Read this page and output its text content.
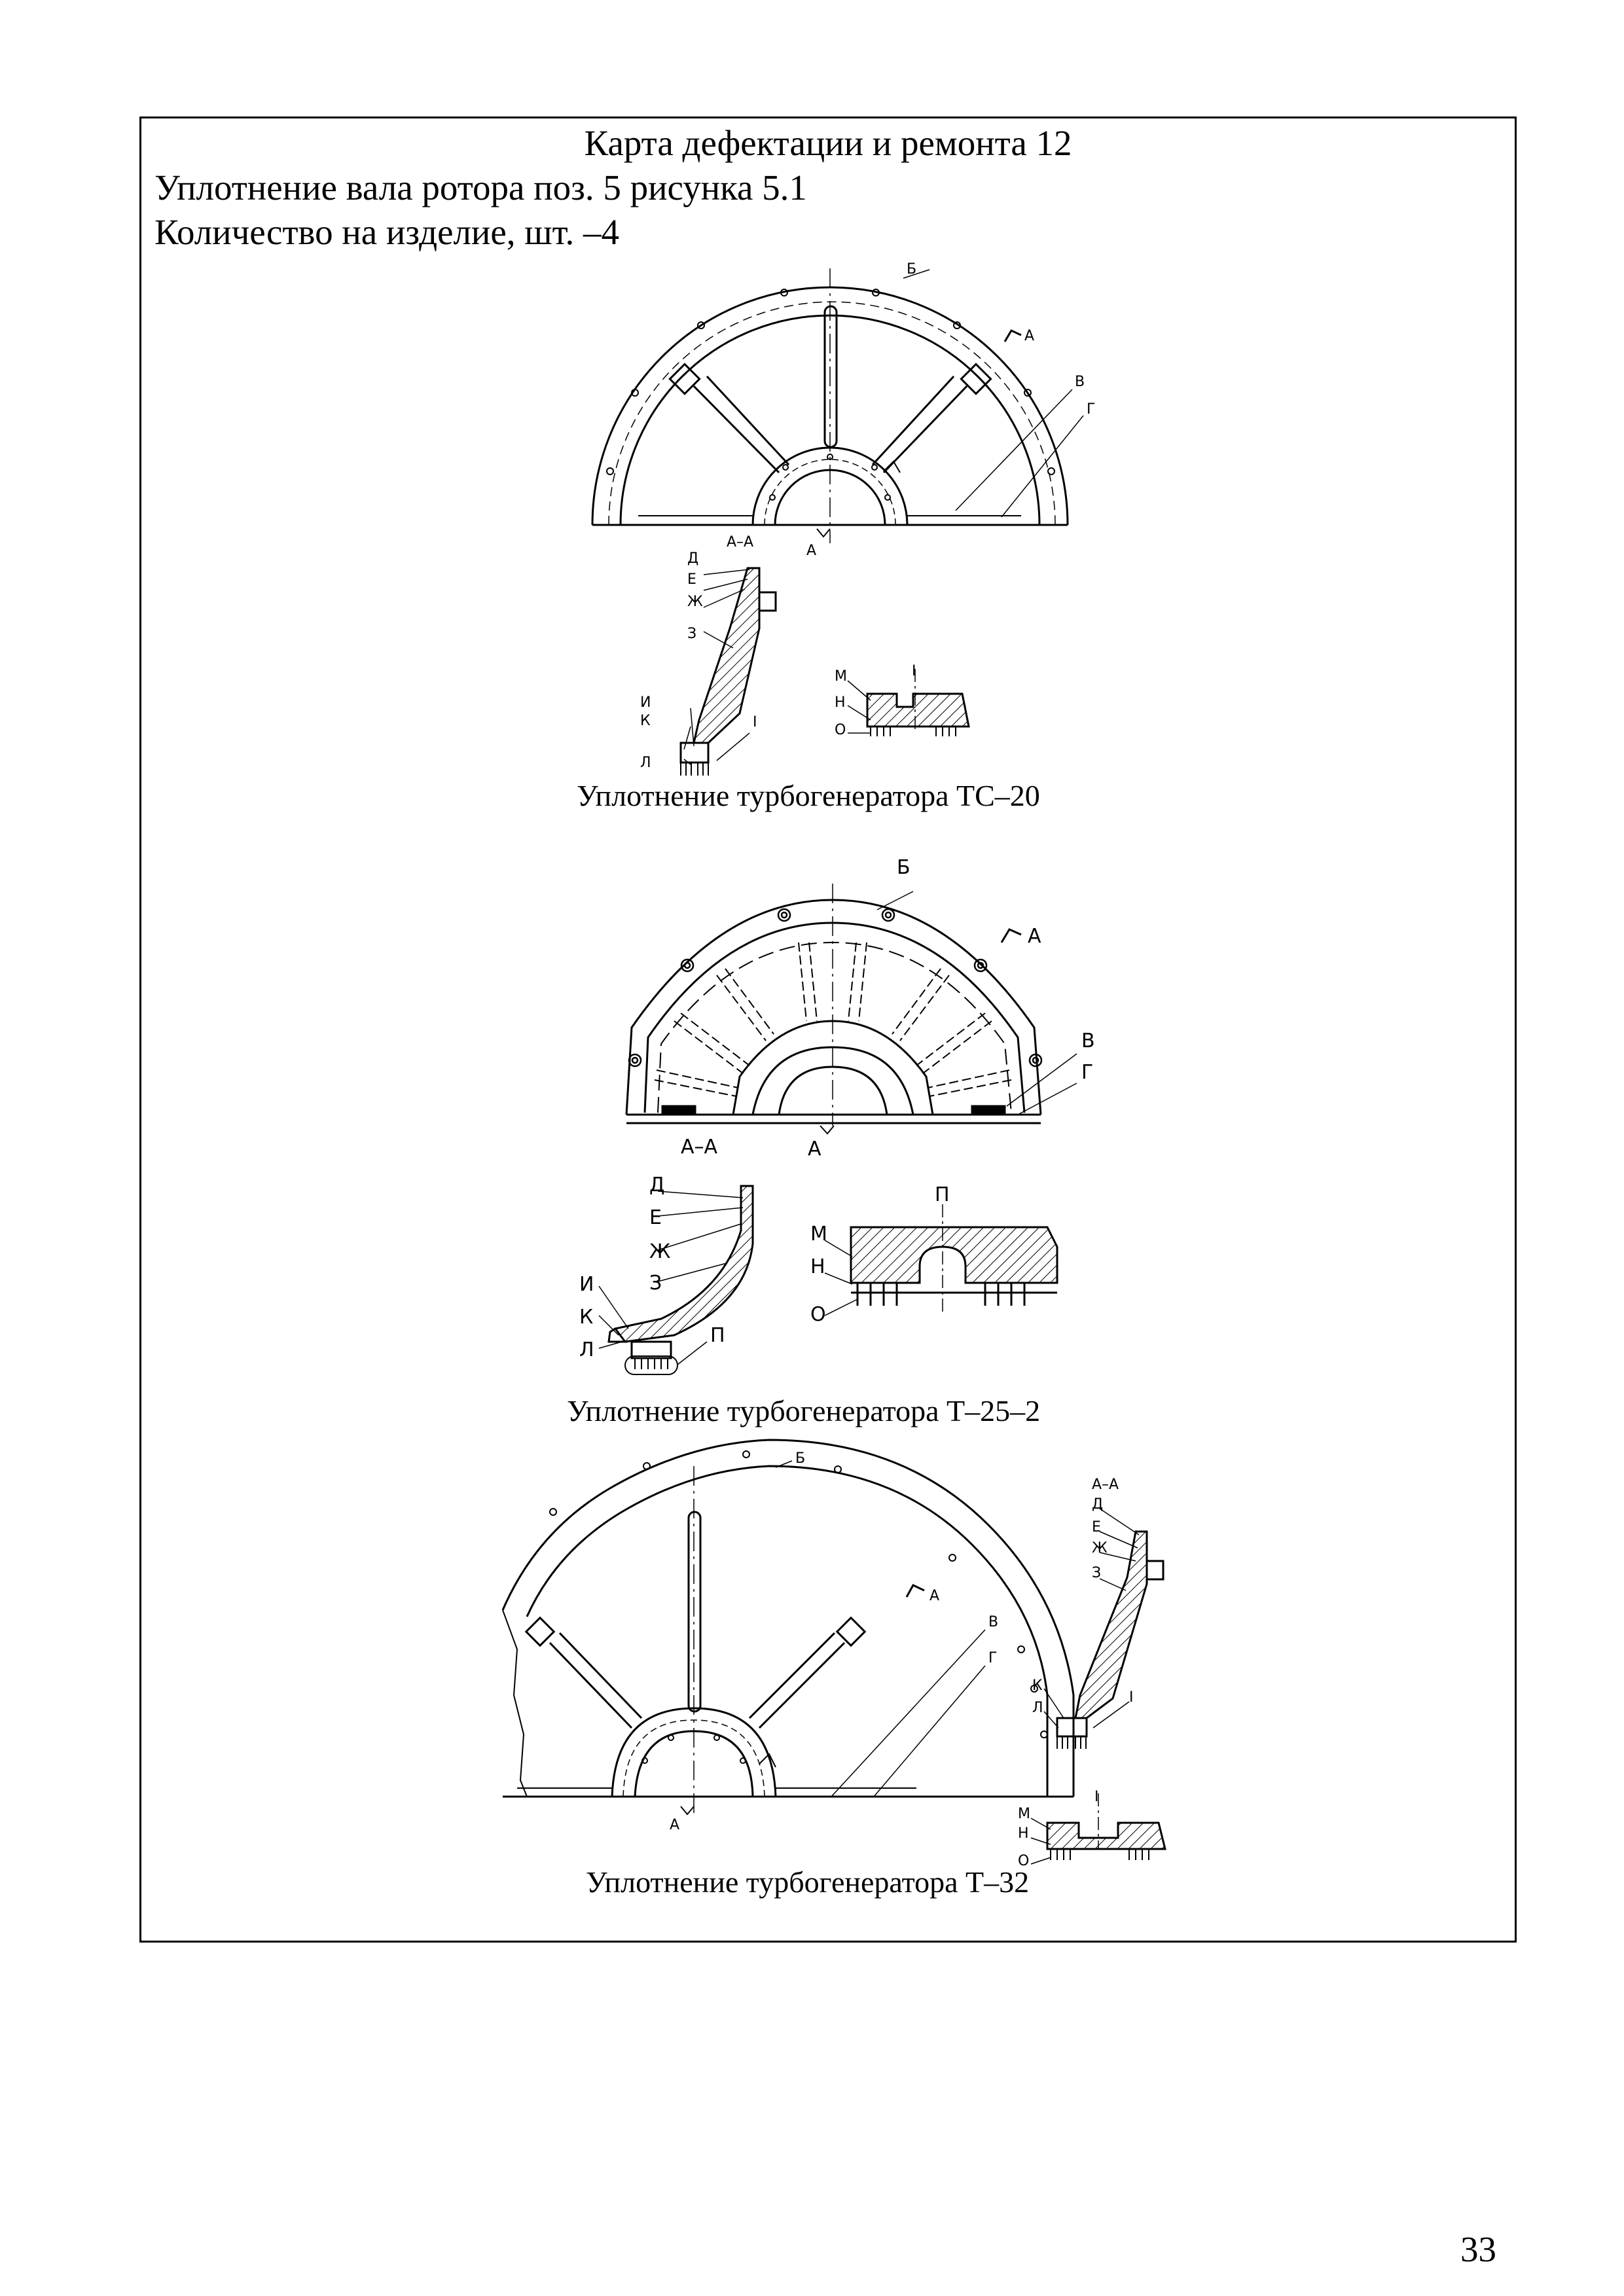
Карта дефектации и ремонта 12
Уплотнение вала ротора поз. 5 рисунка 5.1
Количество на изделие, шт. –4
Уплотнение турбогенератора ТС–20
Уплотнение турбогенератора Т–25–2
Уплотнение турбогенератора Т–32
Б
А
В
Г
А
А–А
Д
Е
Ж
З
И
К
Л
I
М
Н
О
I
Б
А
В
Г
А
А–А
Д
Е
Ж
З
И
К
Л
П
М
Н
О
П
Б
А
В
Г
А
А–А
Д
Е
Ж
З
К
Л
I
М
Н
О
I
33
